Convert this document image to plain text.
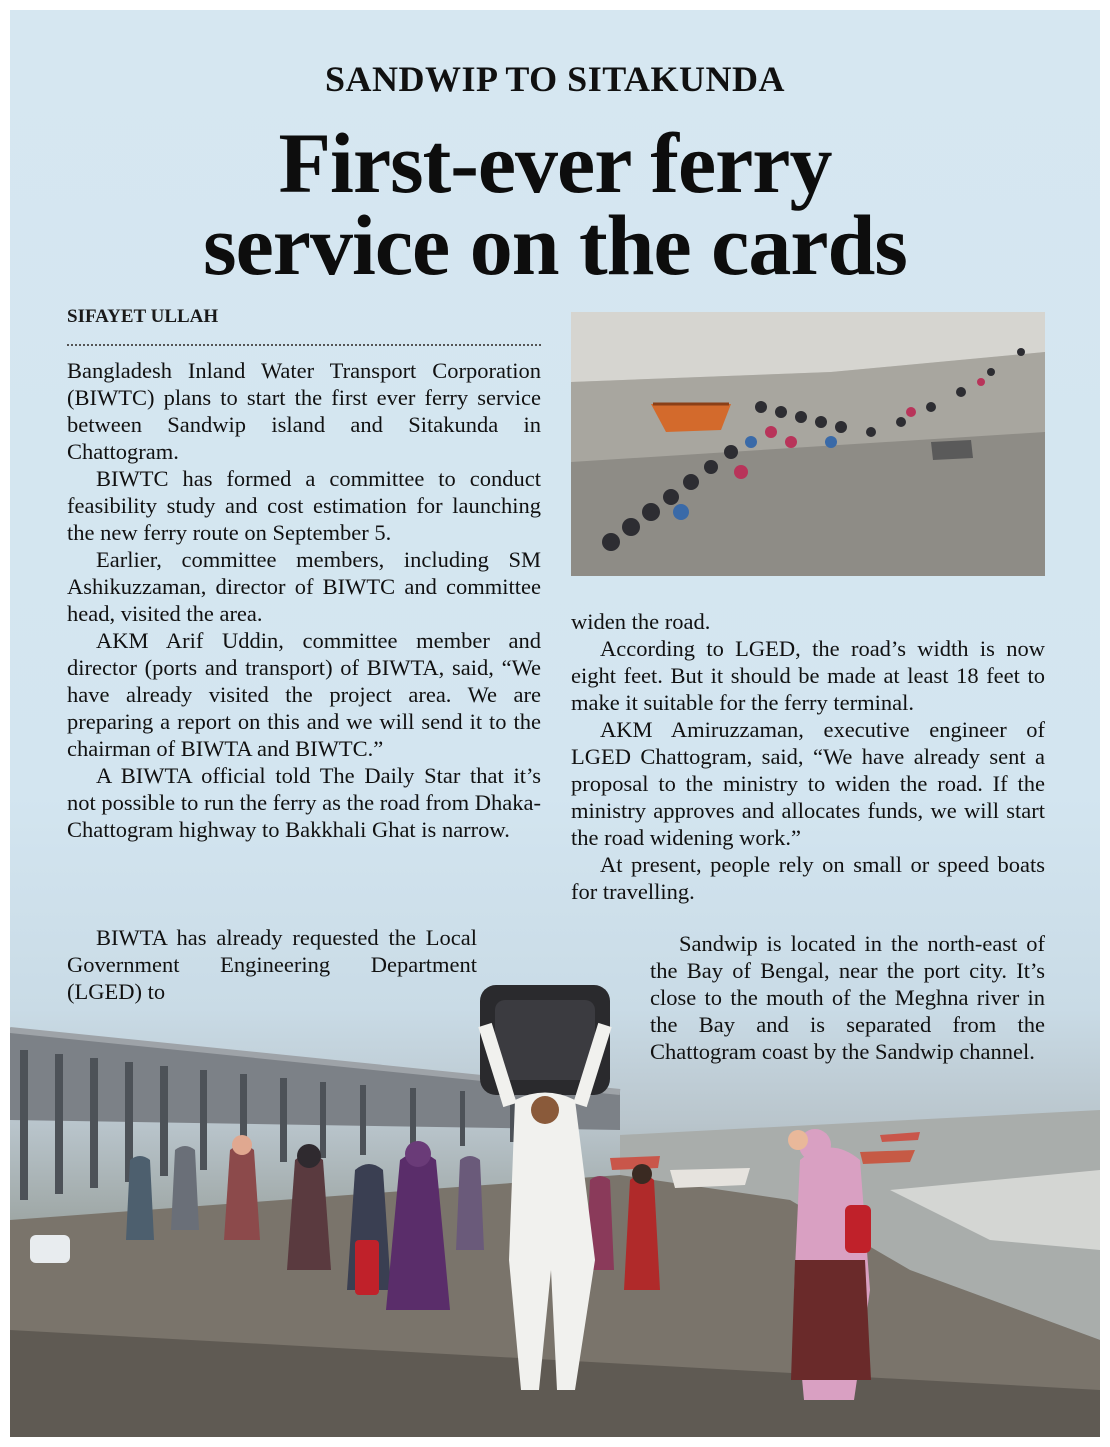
SANDWIP TO SITAKUNDA
First-ever ferry
service on the cards
SIFAYET ULLAH

Bangladesh Inland Water Transport Corporation (BIWTC) plans to start the first ever ferry service between Sandwip island and Sitakunda in Chattogram.

BIWTC has formed a committee to conduct feasibility study and cost estimation for launching the new ferry route on September 5.

Earlier, committee members, including SM Ashikuzzaman, director of BIWTC and committee head, visited the area.

AKM Arif Uddin, committee member and director (ports and transport) of BIWTA, said, “We have already visited the project area. We are preparing a report on this and we will send it to the chairman of BIWTA and BIWTC.”

A BIWTA official told The Daily Star that it’s not possible to run the ferry as the road from Dhaka-Chattogram highway to Bakkhali Ghat is narrow.

BIWTA has already requested the Local Government Engineering Department (LGED) to

widen the road.

According to LGED, the road’s width is now eight feet. But it should be made at least 18 feet to make it suitable for the ferry terminal.

AKM Amiruzzaman, executive engineer of LGED Chattogram, said, “We have already sent a proposal to the ministry to widen the road. If the ministry approves and allocates funds, we will start the road widening work.”

At present, people rely on small or speed boats for travelling.

Sandwip is located in the north-east of the Bay of Bengal, near the port city. It’s close to the mouth of the Meghna river in the Bay and is separated from the Chattogram coast by the Sandwip channel.
